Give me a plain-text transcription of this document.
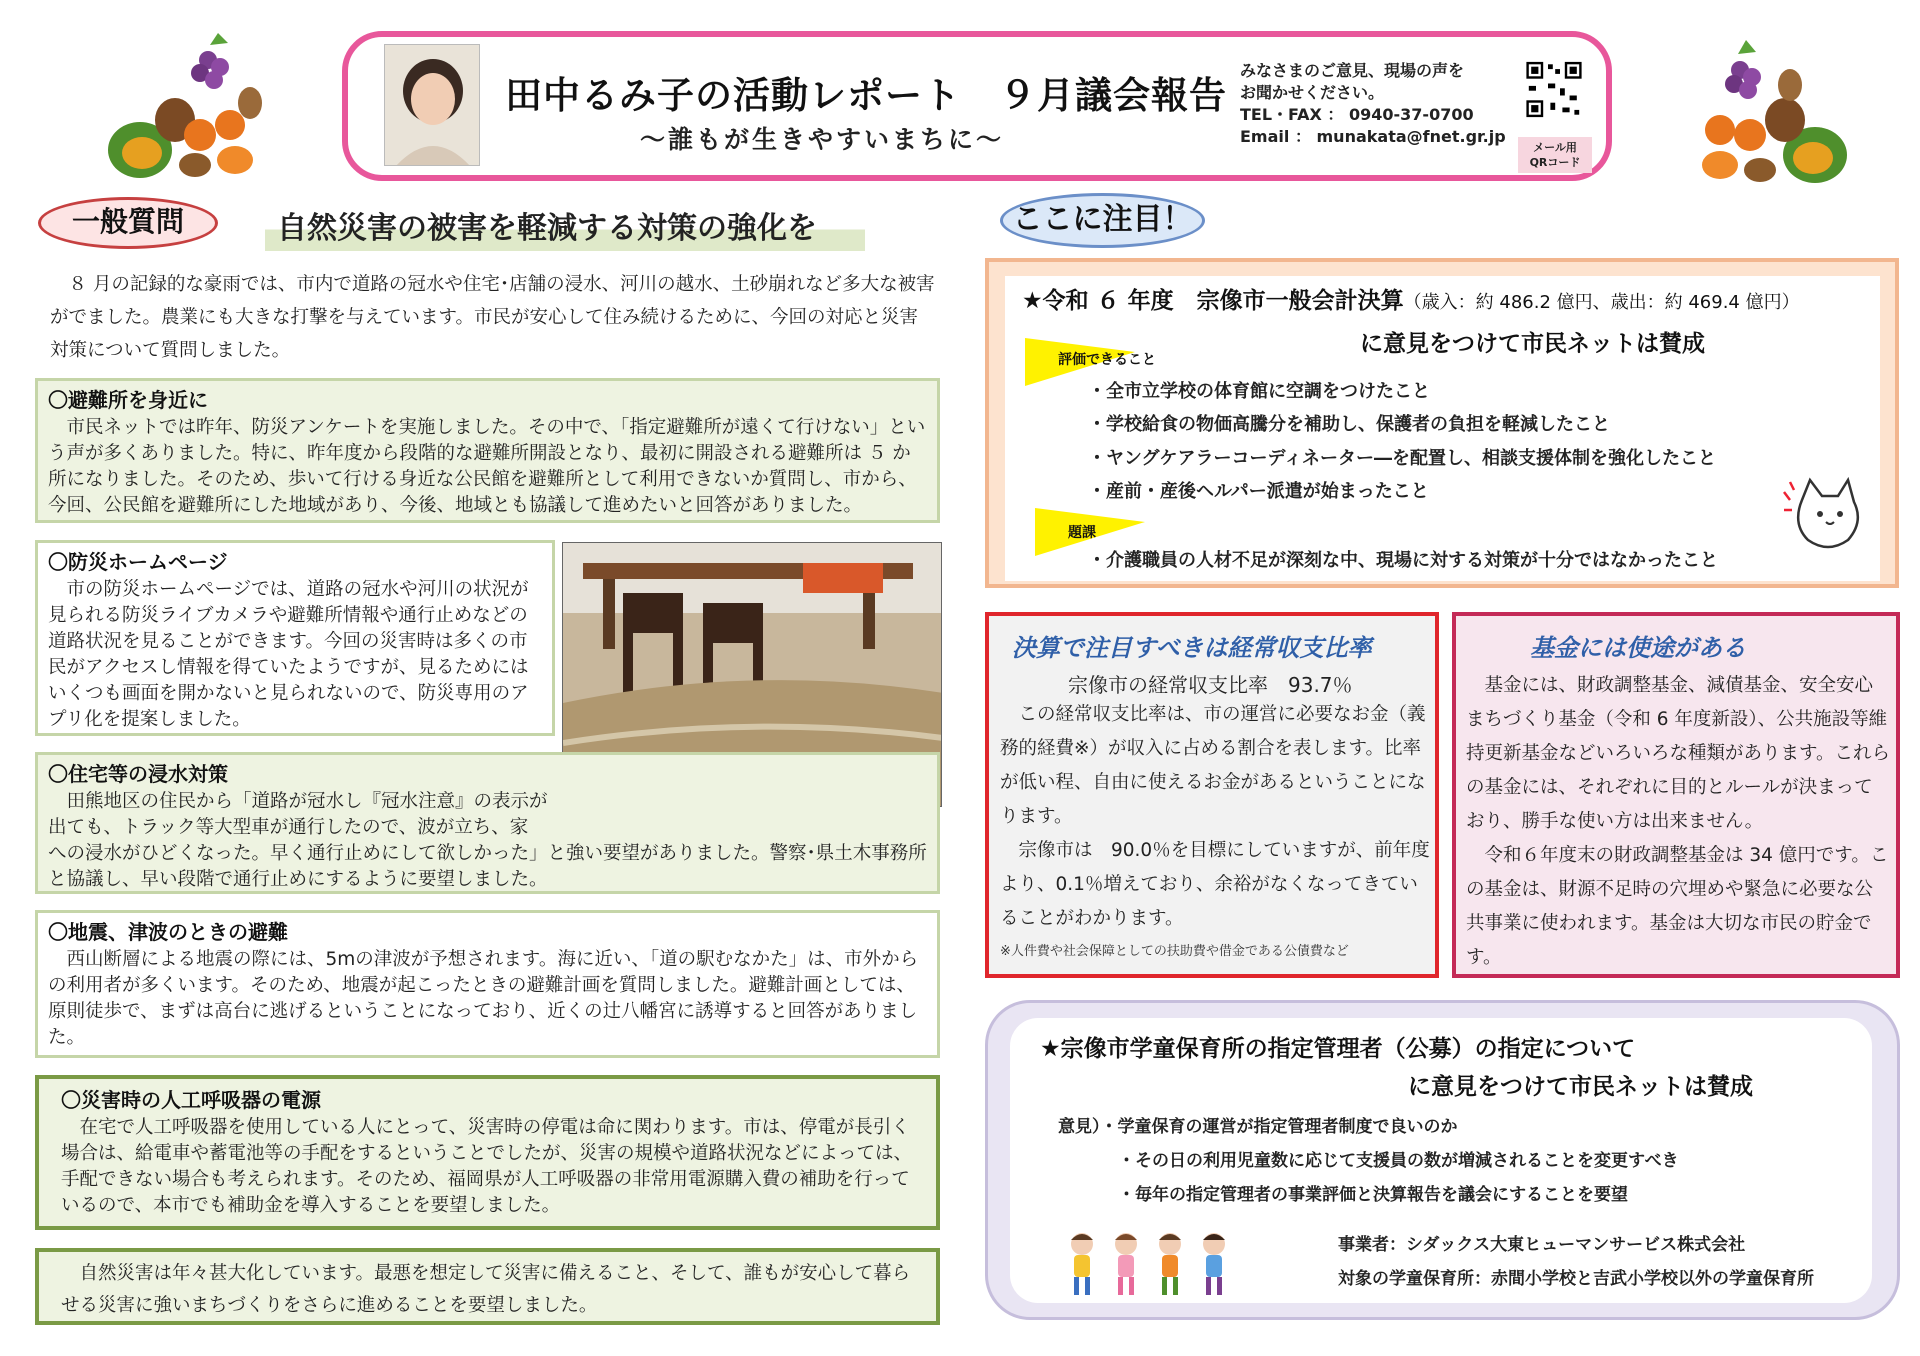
田中るみ子の活動レポート　９月議会報告
～誰もが生きやすいまちに～
みなさまのご意見、現場の声を
お聞かせください。
TEL・FAX ： 0940-37-0700
Email ： munakata@fnet.gr.jp
メール用
QRコード
一般質問	自然災害の被害を軽減する対策の強化を
　８ 月の記録的な豪雨では、市内で道路の冠水や住宅･店舗の浸水、河川の越水、土砂崩れなど多大な被害がでました。農業にも大きな打撃を与えています。市民が安心して住み続けるために、今回の対応と災害対策について質問しました。
〇避難所を身近に
　市民ネットでは昨年、防災アンケートを実施しました。その中で、「指定避難所が遠くて行けない」という声が多くありました。特に、昨年度から段階的な避難所開設となり、最初に開設される避難所は ５ か所になりました。そのため、歩いて行ける身近な公民館を避難所として利用できないか質問し、市から、今回、公民館を避難所にした地域があり、今後、地域とも協議して進めたいと回答がありました。
〇防災ホームページ
　市の防災ホームページでは、道路の冠水や河川の状況が見られる防災ライブカメラや避難所情報や通行止めなどの道路状況を見ることができます。今回の災害時は多くの市民がアクセスし情報を得ていたようですが、見るためにはいくつも画面を開かないと見られないので、防災専用のアプリ化を提案しました。
〇住宅等の浸水対策
　田熊地区の住民から「道路が冠水し『冠水注意』の表示が出ても、トラック等大型車が通行したので、波が立ち、家
への浸水がひどくなった。早く通行止めにして欲しかった」と強い要望がありました。警察･県土木事務所と協議し、早い段階で通行止めにするように要望しました。
〇地震、津波のときの避難
　西山断層による地震の際には、5mの津波が予想されます。海に近い、「道の駅むなかた」は、市外からの利用者が多くいます。そのため、地震が起こったときの避難計画を質問しました。避難計画としては、原則徒歩で、まずは高台に逃げるということになっており、近くの辻八幡宮に誘導すると回答がありました。
〇災害時の人工呼吸器の電源
　在宅で人工呼吸器を使用している人にとって、災害時の停電は命に関わります。市は、停電が長引く場合は、給電車や蓄電池等の手配をするということでしたが、災害の規模や道路状況などによっては、手配できない場合も考えられます。そのため、福岡県が人工呼吸器の非常用電源購入費の補助を行っているので、本市でも補助金を導入することを要望しました。
　自然災害は年々甚大化しています。最悪を想定して災害に備えること、そして、誰もが安心して暮らせる災害に強いまちづくりをさらに進めることを要望しました。
ここに注目！
★令和 ６ 年度　宗像市一般会計決算（歳入：約 486.2 億円、歳出：約 469.4 億円）
に意見をつけて市民ネットは賛成
評価できること
・全市立学校の体育館に空調をつけたこと
・学校給食の物価高騰分を補助し、保護者の負担を軽減したこと
・ヤングケアラーコーディネーター―を配置し、相談支援体制を強化したこと
・産前・産後ヘルパー派遣が始まったこと
題課
・介護職員の人材不足が深刻な中、現場に対する対策が十分ではなかったこと
決算で注目すべきは経常収支比率
宗像市の経常収支比率　93.7％
　この経常収支比率は、市の運営に必要なお金（義務的経費※）が収入に占める割合を表します。比率が低い程、自由に使えるお金があるということになります。
　宗像市は　90.0％を目標にしていますが、前年度より、0.1％増えており、余裕がなくなってきていることがわかります。
※人件費や社会保障としての扶助費や借金である公債費など
基金には使途がある
　基金には、財政調整基金、減債基金、安全安心まちづくり基金（令和 6 年度新設）、公共施設等維持更新基金などいろいろな種類があります。これらの基金には、それぞれに目的とルールが決まっており、勝手な使い方は出来ません。
　令和６年度末の財政調整基金は 34 億円です。この基金は、財源不足時の穴埋めや緊急に必要な公共事業に使われます。基金は大切な市民の貯金です。
★宗像市学童保育所の指定管理者（公募）の指定について
に意見をつけて市民ネットは賛成
意見）・学童保育の運営が指定管理者制度で良いのか
・その日の利用児童数に応じて支援員の数が増減されることを変更すべき
・毎年の指定管理者の事業評価と決算報告を議会にすることを要望
事業者：シダックス大東ヒューマンサービス株式会社
対象の学童保育所：赤間小学校と吉武小学校以外の学童保育所
